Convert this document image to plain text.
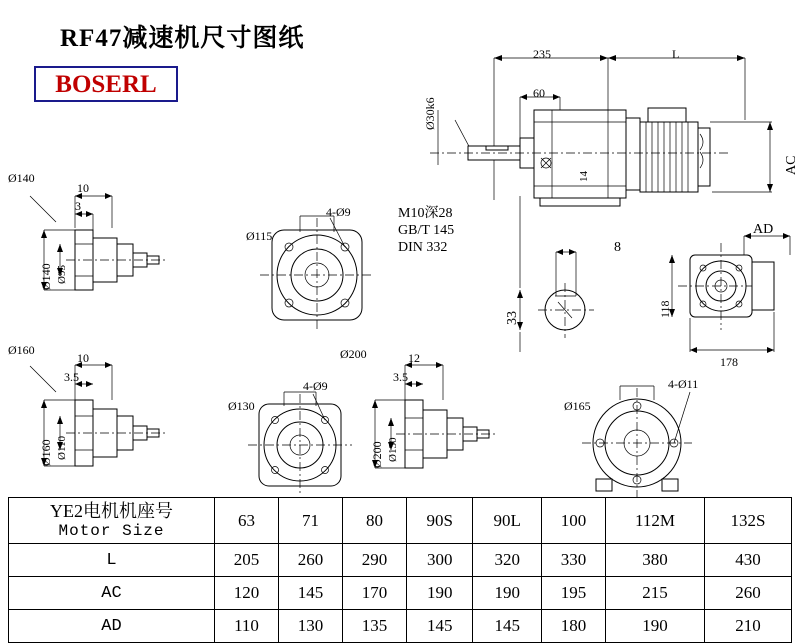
RF47减速机尺寸图纸
BOSERL
235	L
60
Ø30k6
AC
AD
14
M10深28
GB/T 145
DIN 332	8
33	118
178
Ø140
10
3
Ø140 Ø95
Ø115
4-Ø9
Ø160
10
3.5
Ø160 Ø110
Ø130
4-Ø9
Ø200	12
3.5
Ø200 Ø130
Ø165
4-Ø11
YE2电机机座号
Motor Size	63	71	80	90S	90L	100	112M	132S
L	205	260	290	300	320	330	380	430
AC	120	145	170	190	190	195	215	260
AD	110	130	135	145	145	180	190	210
